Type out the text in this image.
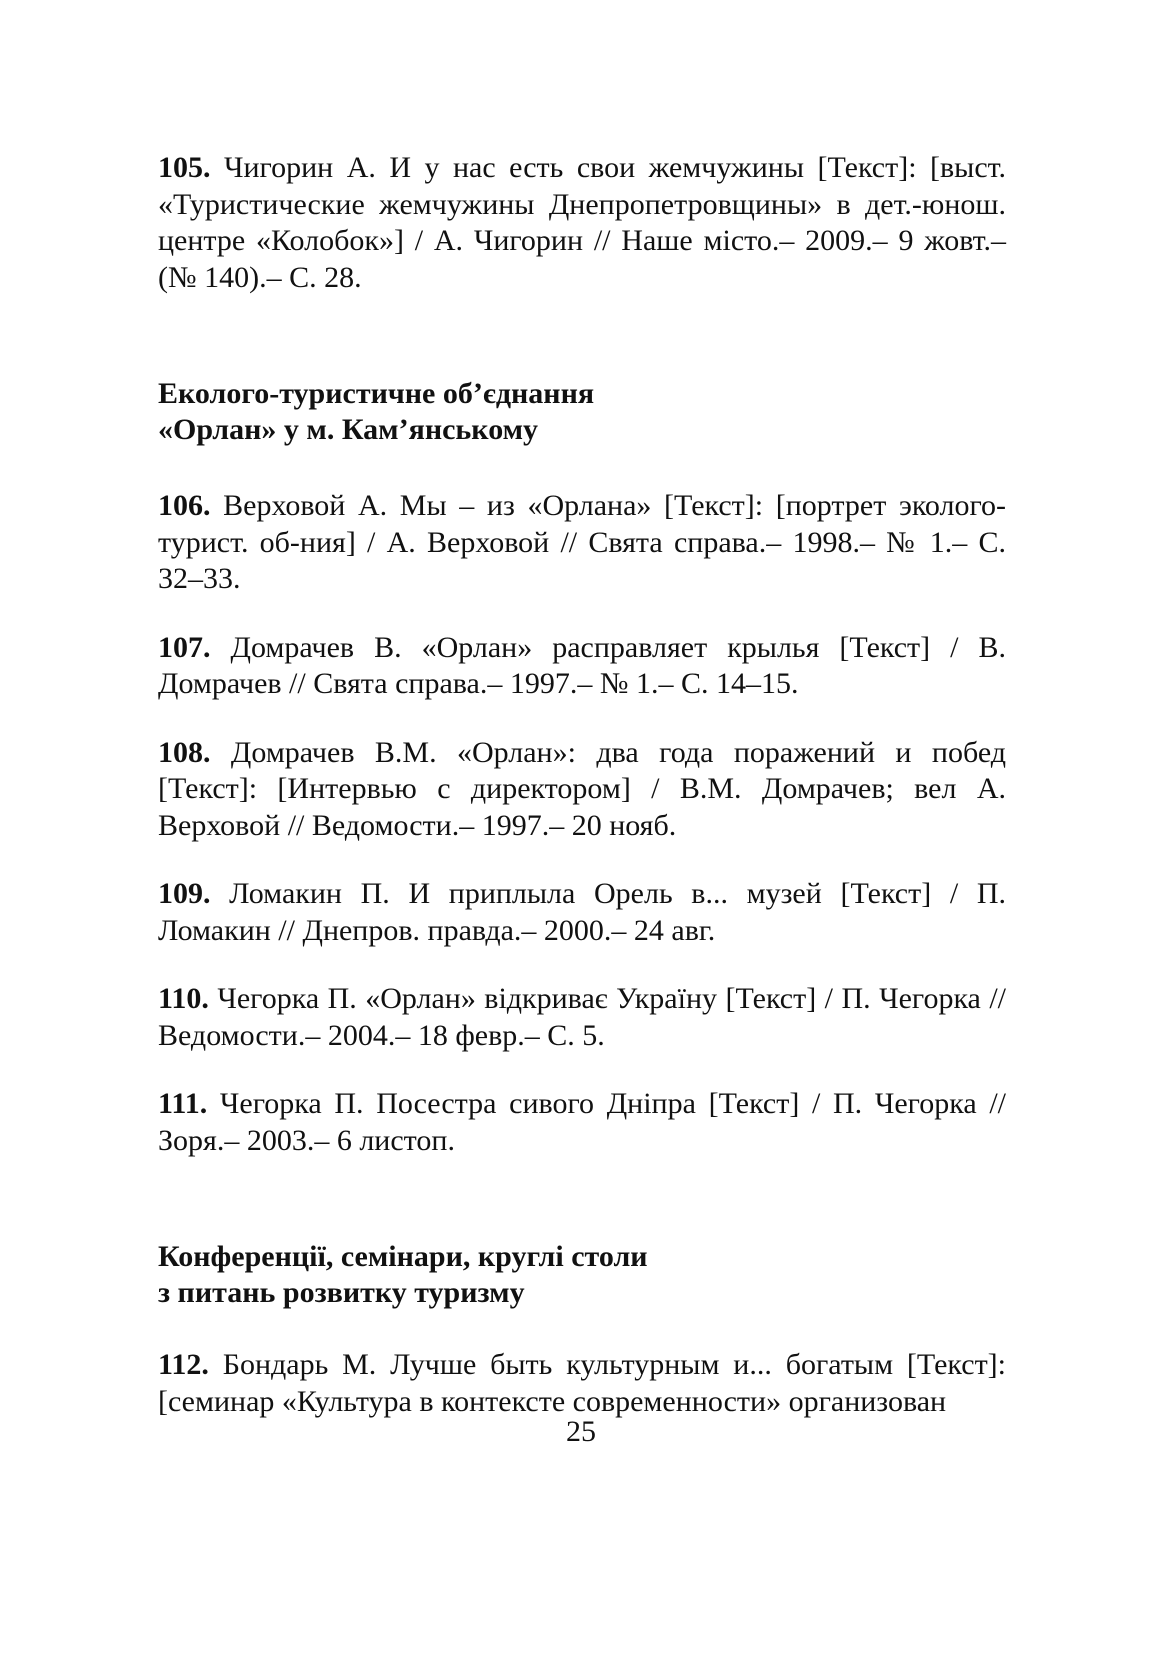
105. Чигорин А. И у нас есть свои жемчужины [Текст]: [выст. «Туристические жемчужины Днепропетровщины» в дет.-юнош. центре «Колобок»] / А. Чигорин // Наше місто.– 2009.– 9 жовт.– (№ 140).– С. 28.

Еколого-туристичне об’єднання

«Орлан» у м. Кам’янському

106. Верховой А. Мы – из «Орлана» [Текст]: [портрет эколого-турист. об-ния] / А. Верховой // Свята справа.– 1998.– № 1.– С. 32–33.

107. Домрачев В. «Орлан» расправляет крылья [Текст] / В. Домрачев // Свята справа.– 1997.– № 1.– С. 14–15.

108. Домрачев В.М. «Орлан»: два года поражений и побед [Текст]: [Интервью с директором] / В.М. Домрачев; вел А. Верховой // Ведомости.– 1997.– 20 нояб.

109. Ломакин П. И приплыла Орель в... музей [Текст] / П. Ломакин // Днепров. правда.– 2000.– 24 авг.

110. Чегорка П. «Орлан» відкриває Україну [Текст] / П. Чегорка // Ведомости.– 2004.– 18 февр.– С. 5.

111. Чегорка П. Посестра сивого Дніпра [Текст] / П. Чегорка // Зоря.– 2003.– 6 листоп.

Конференції, семінари, круглі столи

з питань розвитку туризму

112. Бондарь М. Лучше быть культурным и... богатым [Текст]: [семинар «Культура в контексте современности» организован

25
